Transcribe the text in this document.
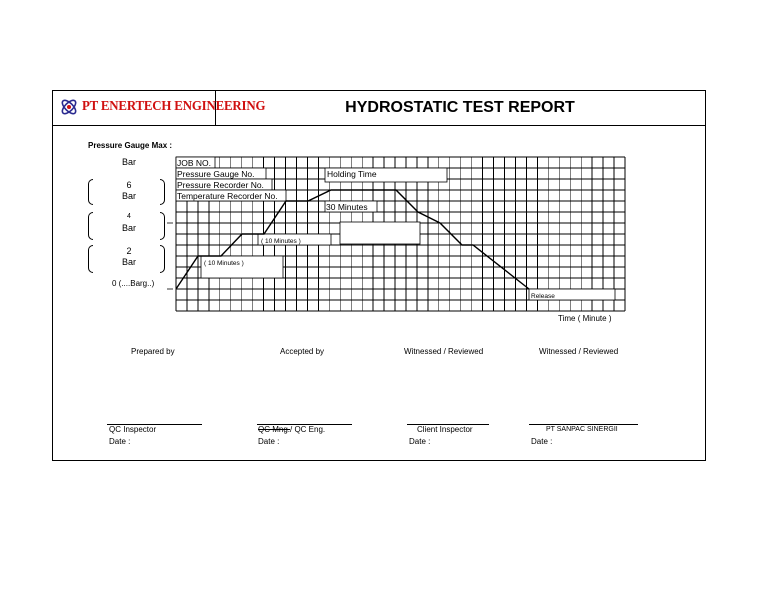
PT ENERTECH ENGINEERING	HYDROSTATIC TEST REPORT
Pressure Gauge Max :
Bar
6
Bar
4
Bar
2
Bar
0 (....Barg..)
JOB NO.
Pressure Gauge No.
Pressure Recorder No.
Temperature Recorder No.
Holding Time
30 Minutes
( 10 Minutes )
( 10 Minutes )
Release
Time ( Minute )
Prepared by	Accepted by	Witnessed / Reviewed	Witnessed / Reviewed
QC Inspector	QC Mng./ QC Eng.	Client Inspector	PT SANPAC SINERGII
Date :	Date :	Date :	Date :
